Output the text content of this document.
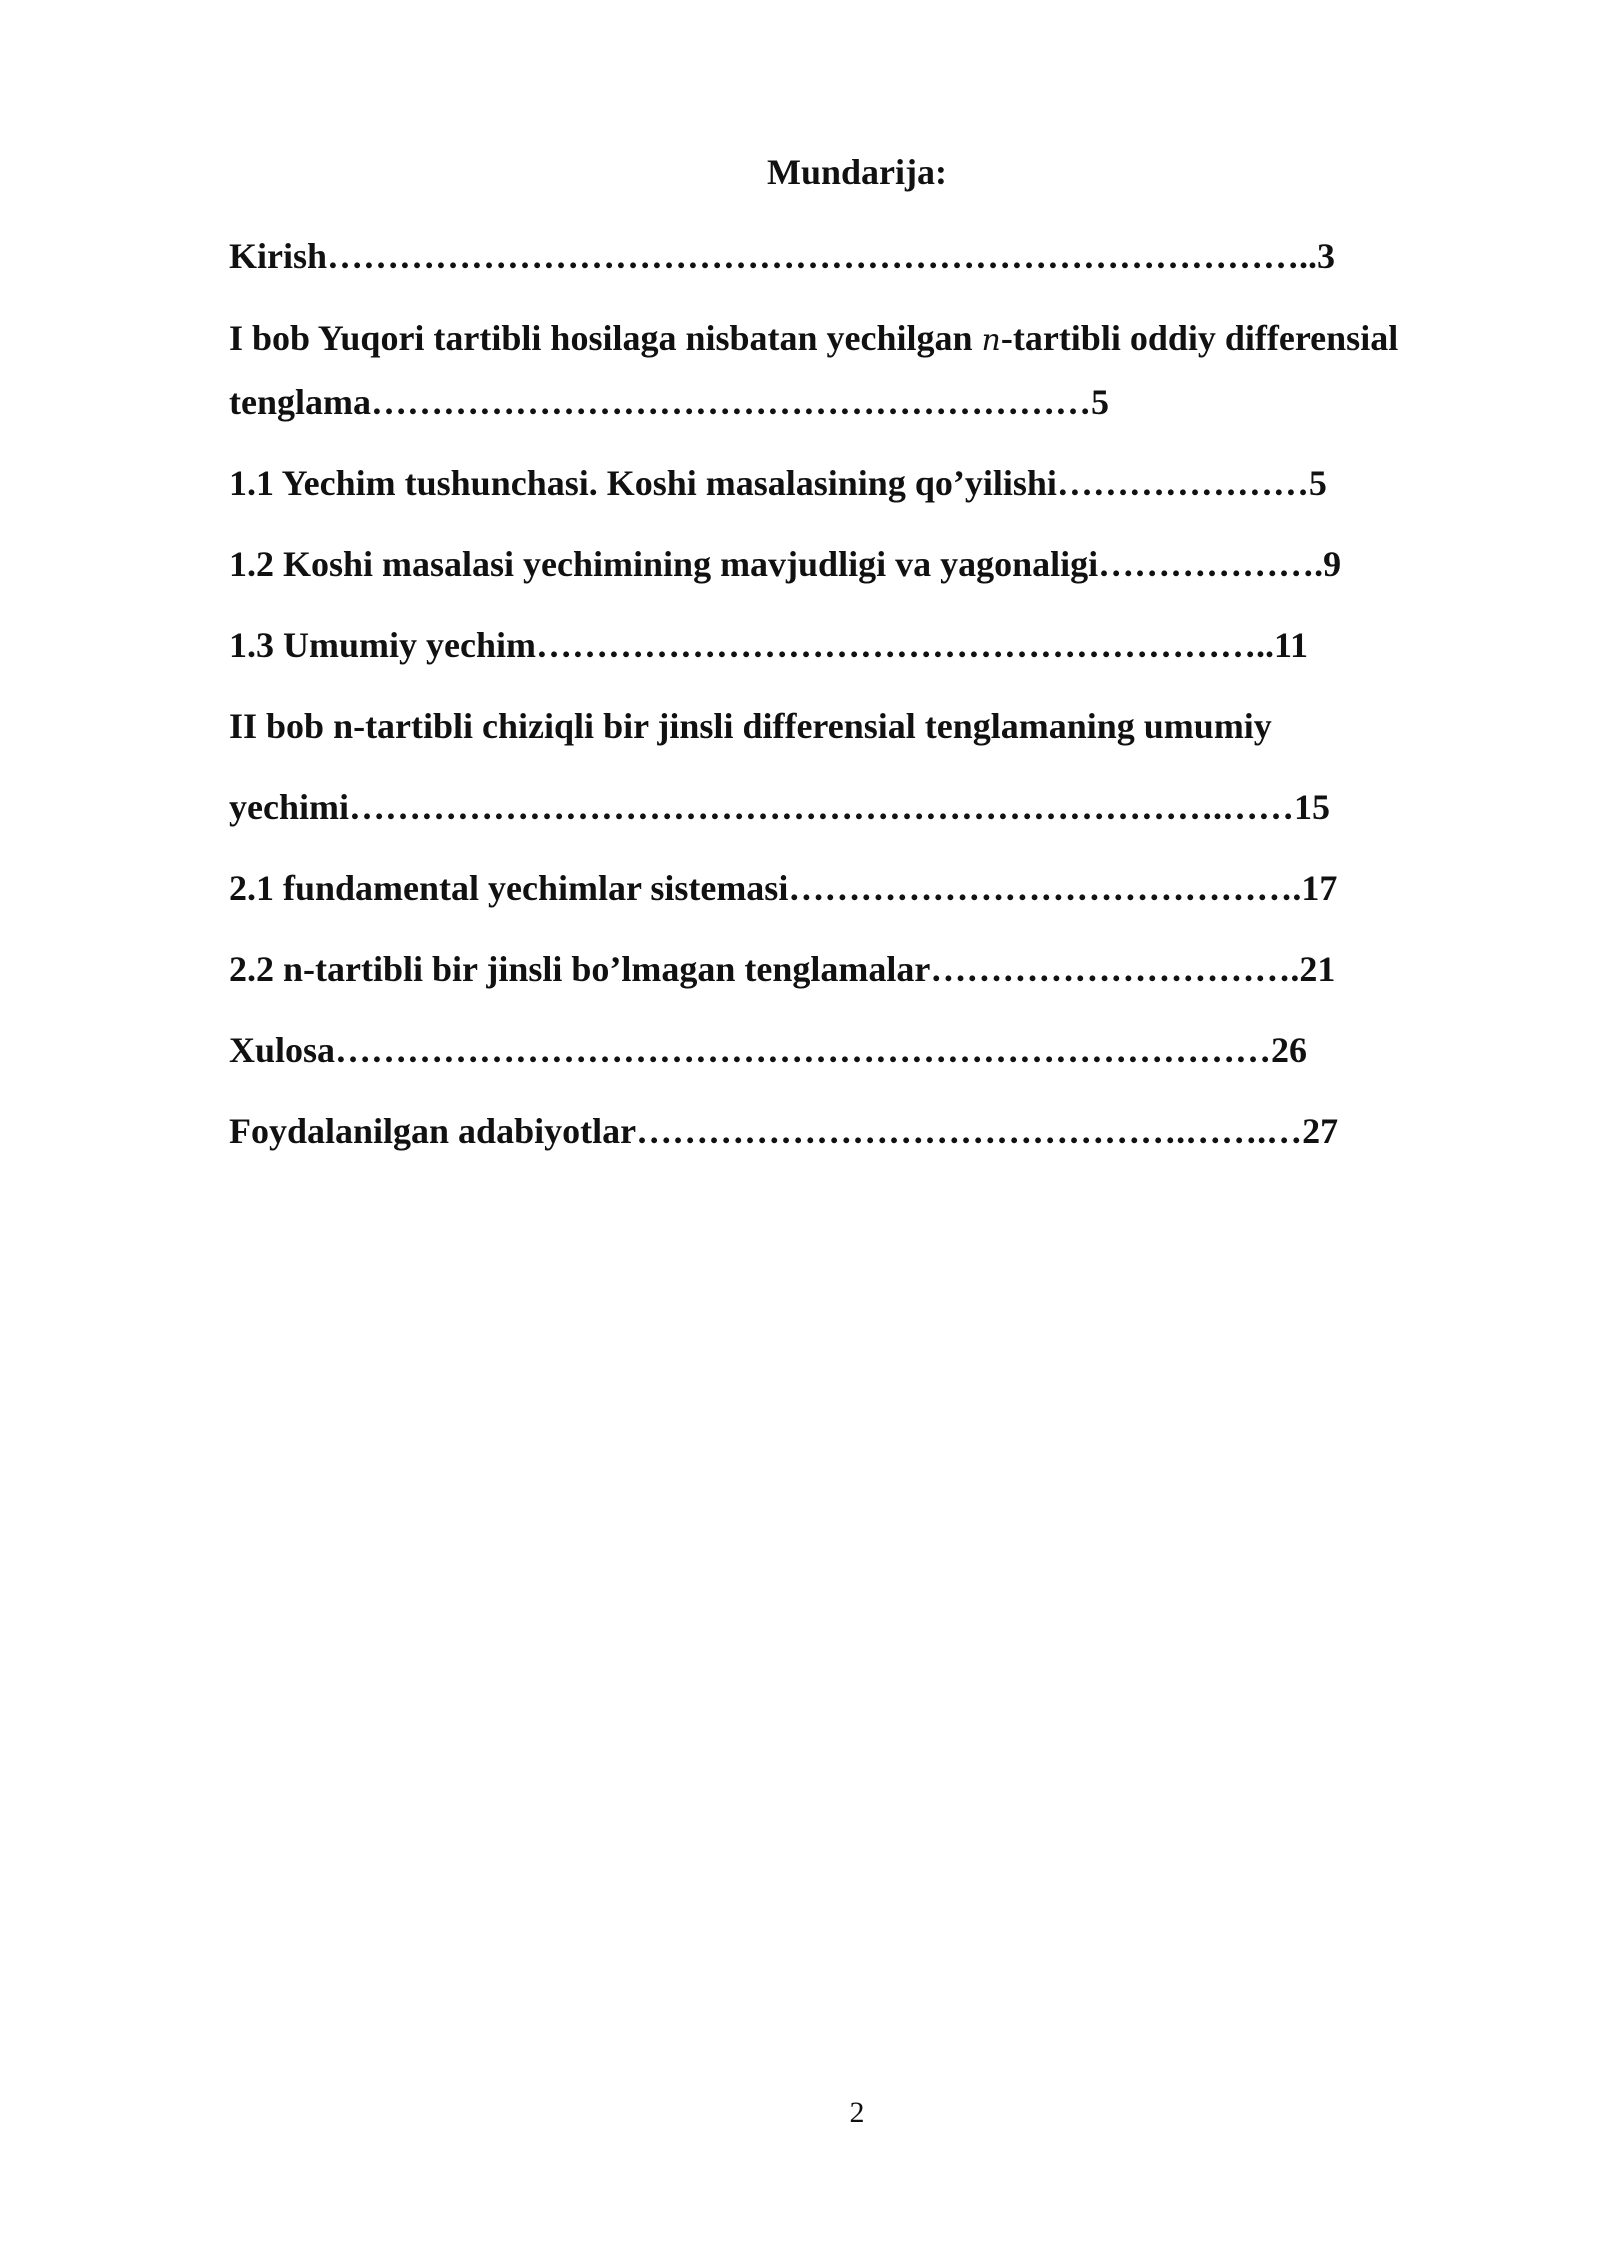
Mundarija:
Kirish………………………………………………………………………..3
I bob Yuqori tartibli hosilaga nisbatan yechilgan n-tartibli oddiy differensial
tenglama……………………………………………………5
1.1 Yechim tushunchasi. Koshi masalasining qo’yilishi…………………5
1.2 Koshi masalasi yechimining mavjudligi va yagonaligi……………….9
1.3 Umumiy yechim……………………………………………………..11
II bob n-tartibli chiziqli bir jinsli differensial tenglamaning umumiy
yechimi……………………………………………………………….……15
2.1 fundamental yechimlar sistemasi…………………………………….17
2.2 n-tartibli bir jinsli bo’lmagan tenglamalar………………………….21
Xulosa……………………………………………………………………26
Foydalanilgan adabiyotlar……………………………………….…….…27
2
